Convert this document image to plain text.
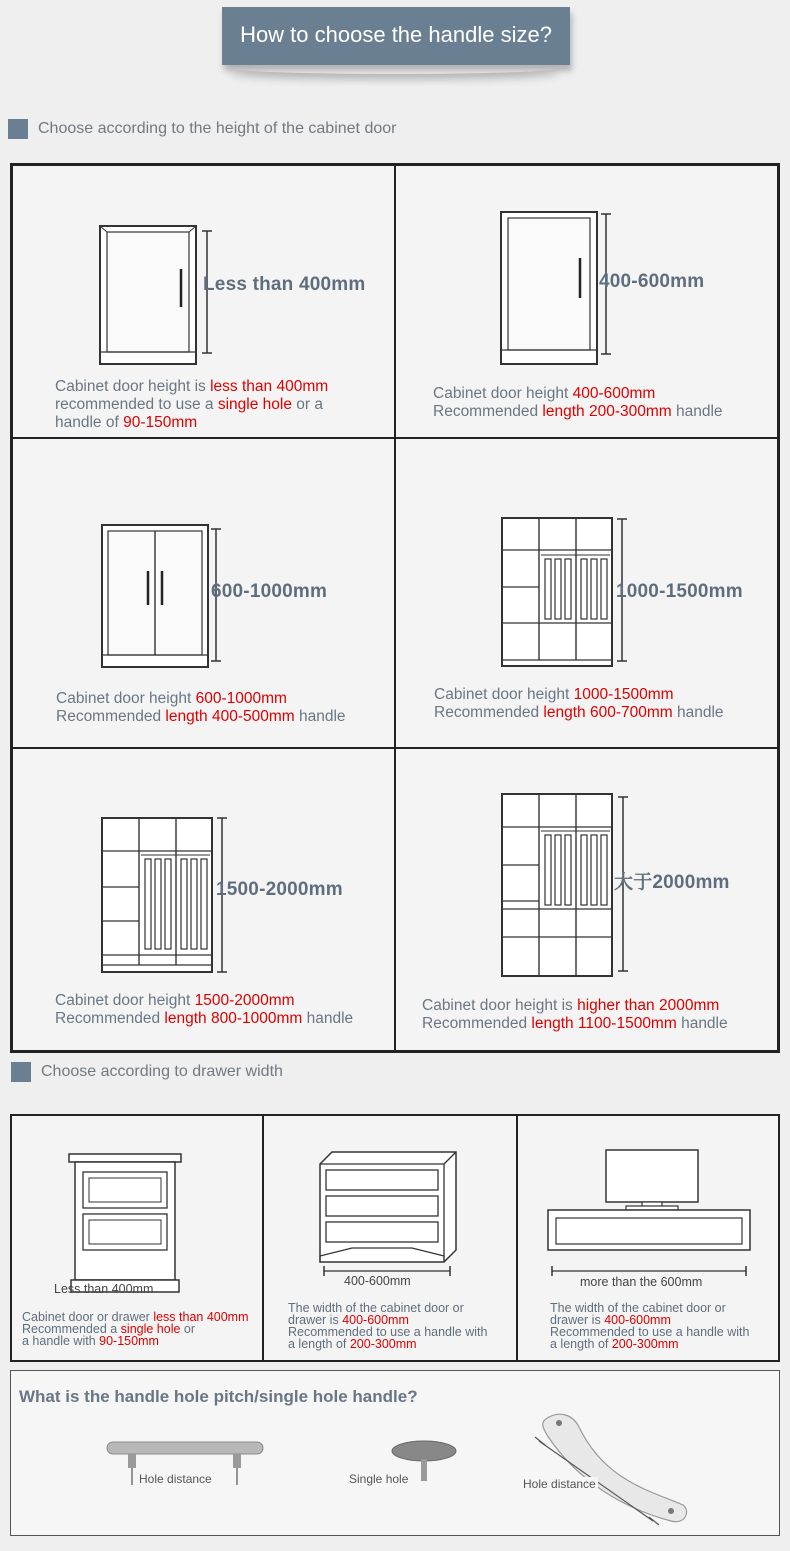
How to choose the handle size?
Choose according to the height of the cabinet door
Less than 400mm
Cabinet door height is less than 400mm
recommended to use a single hole or a
handle of 90-150mm
400-600mm
Cabinet door height 400-600mm
Recommended length 200-300mm handle
600-1000mm
Cabinet door height 600-1000mm
Recommended length 400-500mm handle
1000-1500mm
Cabinet door height 1000-1500mm
Recommended length 600-700mm handle
1500-2000mm
Cabinet door height 1500-2000mm
Recommended length 800-1000mm handle
大于2000mm
Cabinet door height is higher than 2000mm
Recommended length 1100-1500mm handle
Choose according to drawer width
Less than 400mm
Cabinet door or drawer less than 400mm
Recommended a single hole or
a handle with 90-150mm
400-600mm
The width of the cabinet door or
drawer is 400-600mm
Recommended to use a handle with
a length of 200-300mm
more than the 600mm
The width of the cabinet door or
drawer is 400-600mm
Recommended to use a handle with
a length of 200-300mm
What is the handle hole pitch/single hole handle?
Hole distance	Single hole	Hole distance
